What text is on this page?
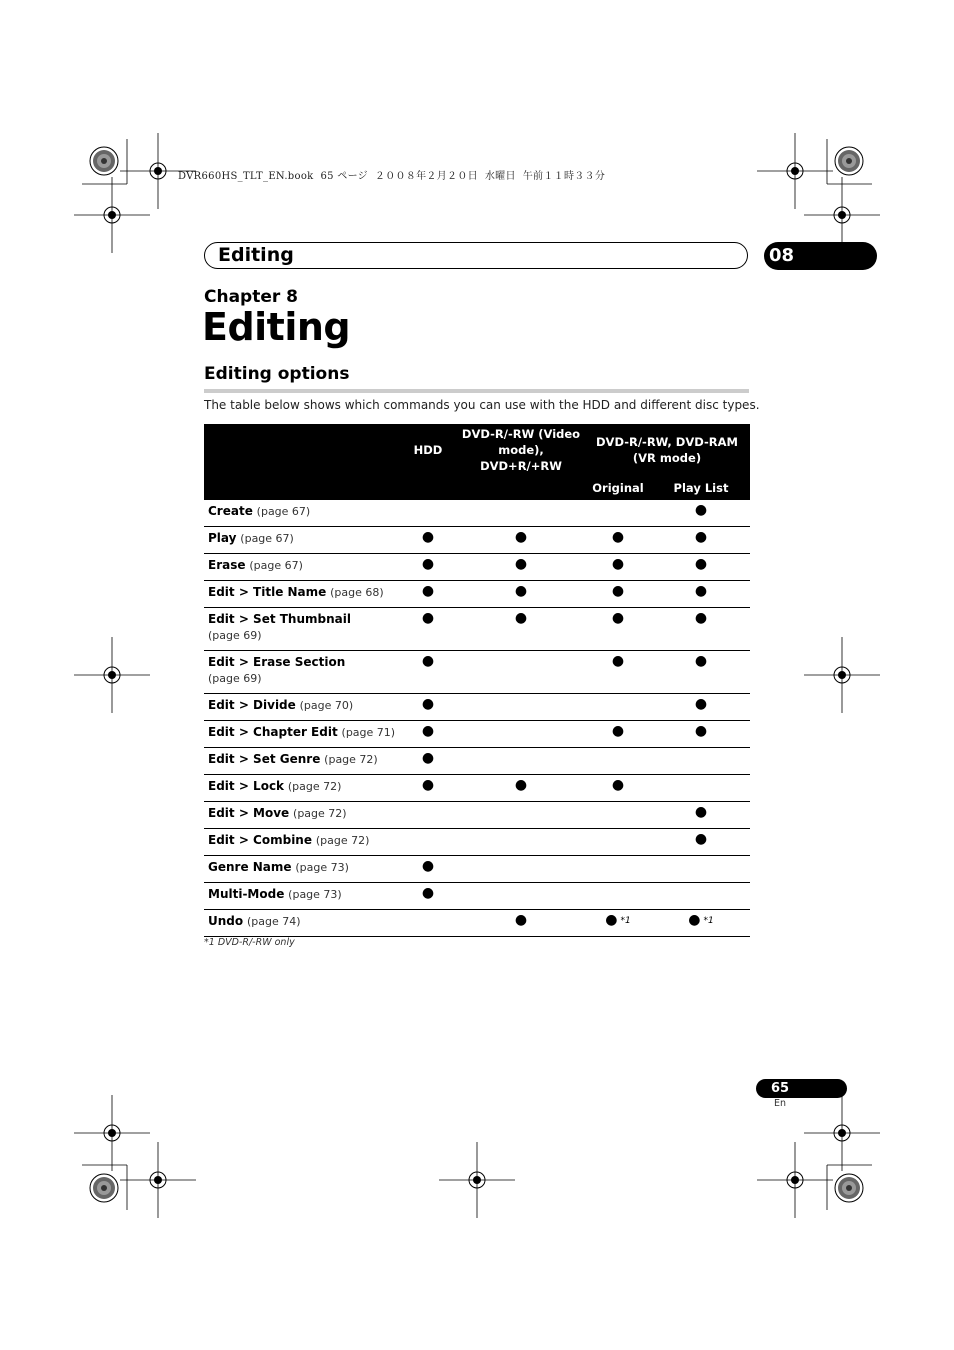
DVR660HS_TLT_EN.book  65 ページ  ２００８年２月２０日  水曜日  午前１１時３３分
Editing	08
Chapter 8
Editing
Editing options
The table below shows which commands you can use with the HDD and different disc types.
	HDD	DVD-R/-RW (Video mode), DVD+R/+RW	DVD-R/-RW, DVD-RAM (VR mode)	
			Original	Play List
Create (page 67)				●
Play (page 67)	●	●	●	●
Erase (page 67)	●	●	●	●
Edit > Title Name (page 68)	●	●	●	●
Edit > Set Thumbnail
(page 69)	●	●	●	●
Edit > Erase Section
(page 69)	●		●	●
Edit > Divide (page 70)	●			●
Edit > Chapter Edit (page 71)	●		●	●
Edit > Set Genre (page 72)	●			
Edit > Lock (page 72)	●	●	●	
Edit > Move (page 72)				●
Edit > Combine (page 72)				●
Genre Name (page 73)	●			
Multi-Mode (page 73)	●			
Undo (page 74)		●	● *1	● *1
*1 DVD-R/-RW only
65
En
